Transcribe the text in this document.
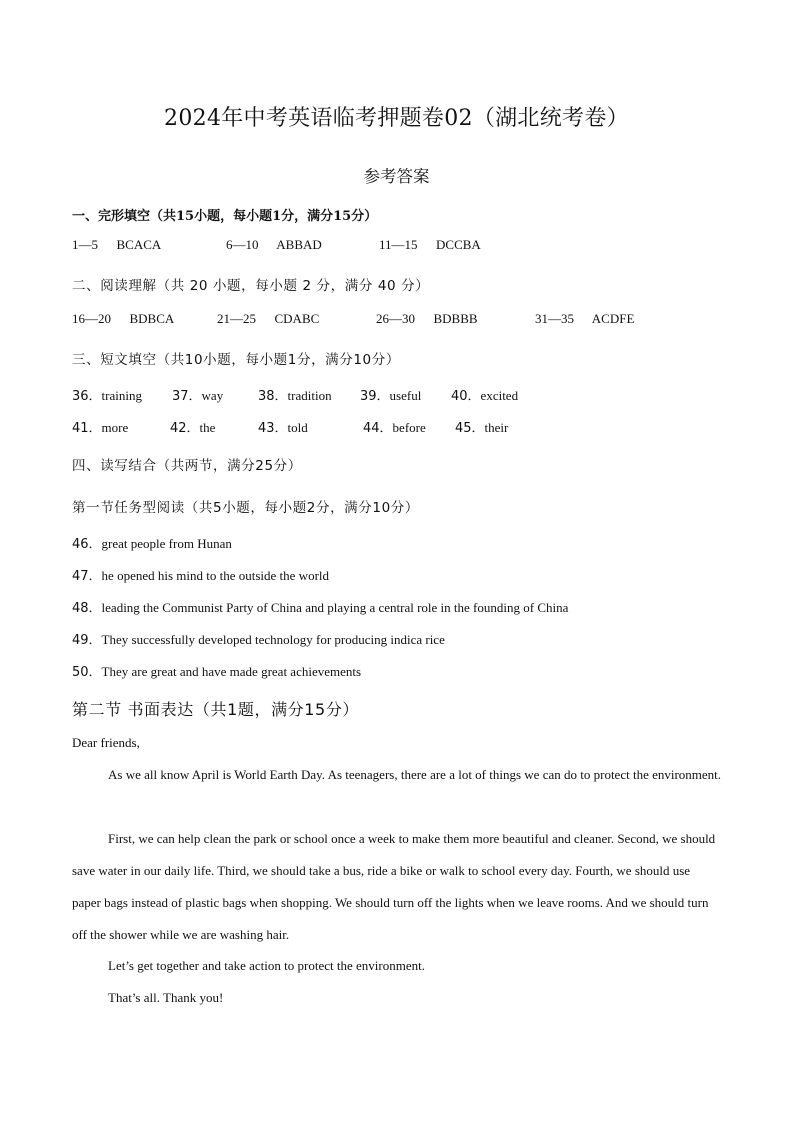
2024年中考英语临考押题卷02（湖北统考卷）
参考答案
一、完形填空（共15小题，每小题1分，满分15分）
1—5 BCACA	6—10 ABBAD	11—15 DCCBA
二、阅读理解（共 20 小题，每小题 2 分，满分 40 分）
16—20 BDBCA	21—25 CDABC	26—30 BDBBB	31—35 ACDFE
三、短文填空（共10小题，每小题1分，满分10分）
36．training 37．way	38．tradition 39．useful 40．excited
41．more	42．the	43．told	44．before 45．their
四、读写结合（共两节，满分25分）
第一节任务型阅读（共5小题，每小题2分，满分10分）
46．great people from Hunan
47．he opened his mind to the outside the world
48．leading the Communist Party of China and playing a central role in the founding of China
49．They successfully developed technology for producing indica rice
50．They are great and have made great achievements
第二节 书面表达（共1题，满分15分）
Dear friends,
As we all know April is World Earth Day. As teenagers, there are a lot of things we can do to protect the environment.
First, we can help clean the park or school once a week to make them more beautiful and cleaner. Second, we should save water in our daily life. Third, we should take a bus, ride a bike or walk to school every day. Fourth, we should use paper bags instead of plastic bags when shopping. We should turn off the lights when we leave rooms. And we should turn off the shower while we are washing hair.
Let’s get together and take action to protect the environment.
That’s all. Thank you!
